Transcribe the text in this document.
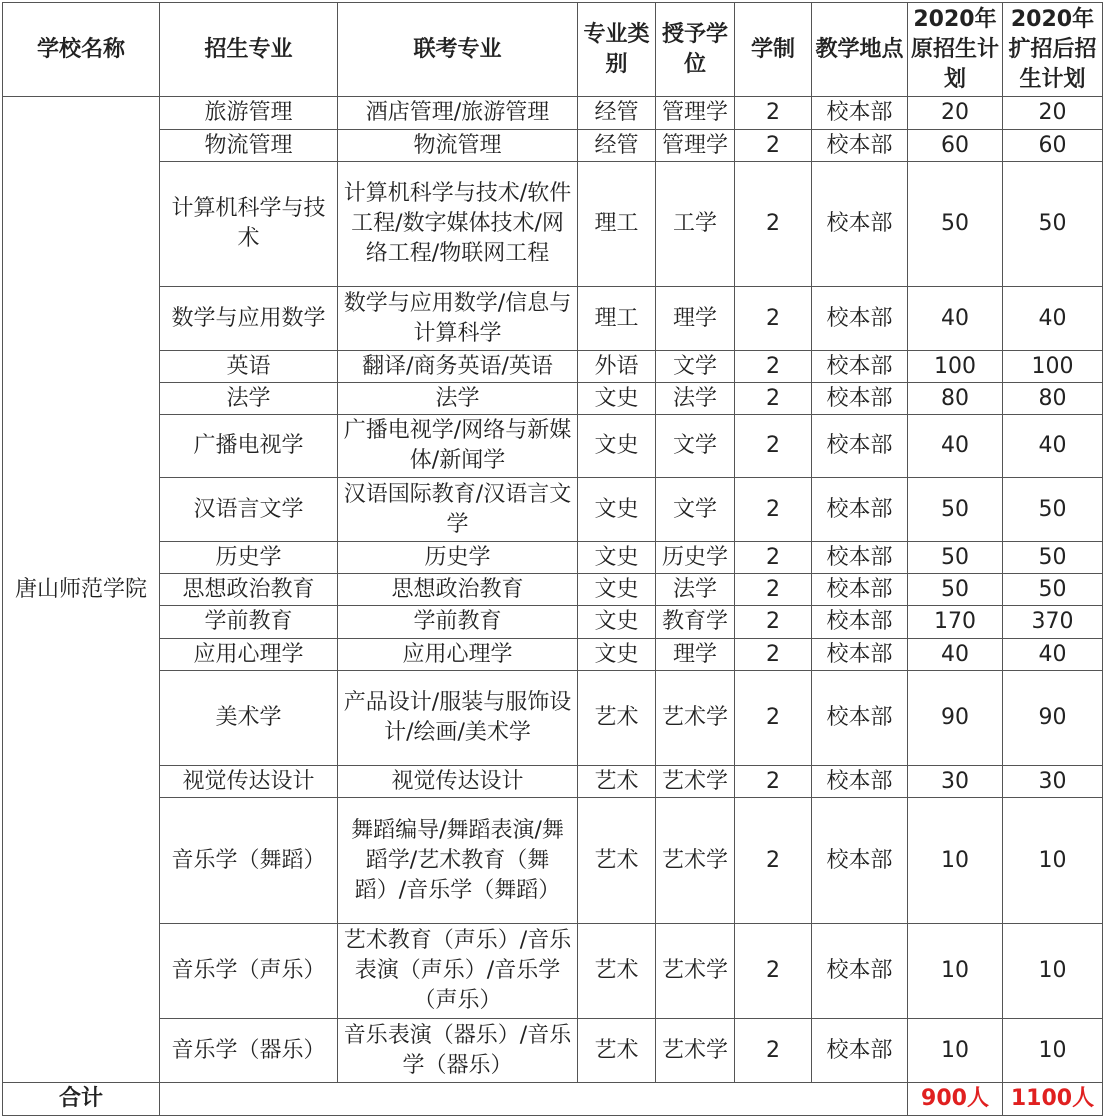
学校名称	招生专业	联考专业	专业类别	授予学位	学制	教学地点	2020年原招生计划	2020年扩招后招生计划
唐山师范学院	旅游管理	酒店管理/旅游管理	经管	管理学	2	校本部	20	20
	物流管理	物流管理	经管	管理学	2	校本部	60	60
	计算机科学与技术	计算机科学与技术/软件工程/数字媒体技术/网络工程/物联网工程	理工	工学	2	校本部	50	50
	数学与应用数学	数学与应用数学/信息与计算科学	理工	理学	2	校本部	40	40
	英语	翻译/商务英语/英语	外语	文学	2	校本部	100	100
	法学	法学	文史	法学	2	校本部	80	80
	广播电视学	广播电视学/网络与新媒体/新闻学	文史	文学	2	校本部	40	40
	汉语言文学	汉语国际教育/汉语言文学	文史	文学	2	校本部	50	50
	历史学	历史学	文史	历史学	2	校本部	50	50
	思想政治教育	思想政治教育	文史	法学	2	校本部	50	50
	学前教育	学前教育	文史	教育学	2	校本部	170	370
	应用心理学	应用心理学	文史	理学	2	校本部	40	40
	美术学	产品设计/服装与服饰设计/绘画/美术学	艺术	艺术学	2	校本部	90	90
	视觉传达设计	视觉传达设计	艺术	艺术学	2	校本部	30	30
	音乐学（舞蹈）	舞蹈编导/舞蹈表演/舞蹈学/艺术教育（舞蹈）/音乐学（舞蹈）	艺术	艺术学	2	校本部	10	10
	音乐学（声乐）	艺术教育（声乐）/音乐表演（声乐）/音乐学（声乐）	艺术	艺术学	2	校本部	10	10
	音乐学（器乐）	音乐表演（器乐）/音乐学（器乐）	艺术	艺术学	2	校本部	10	10
合计							900人	1100人
